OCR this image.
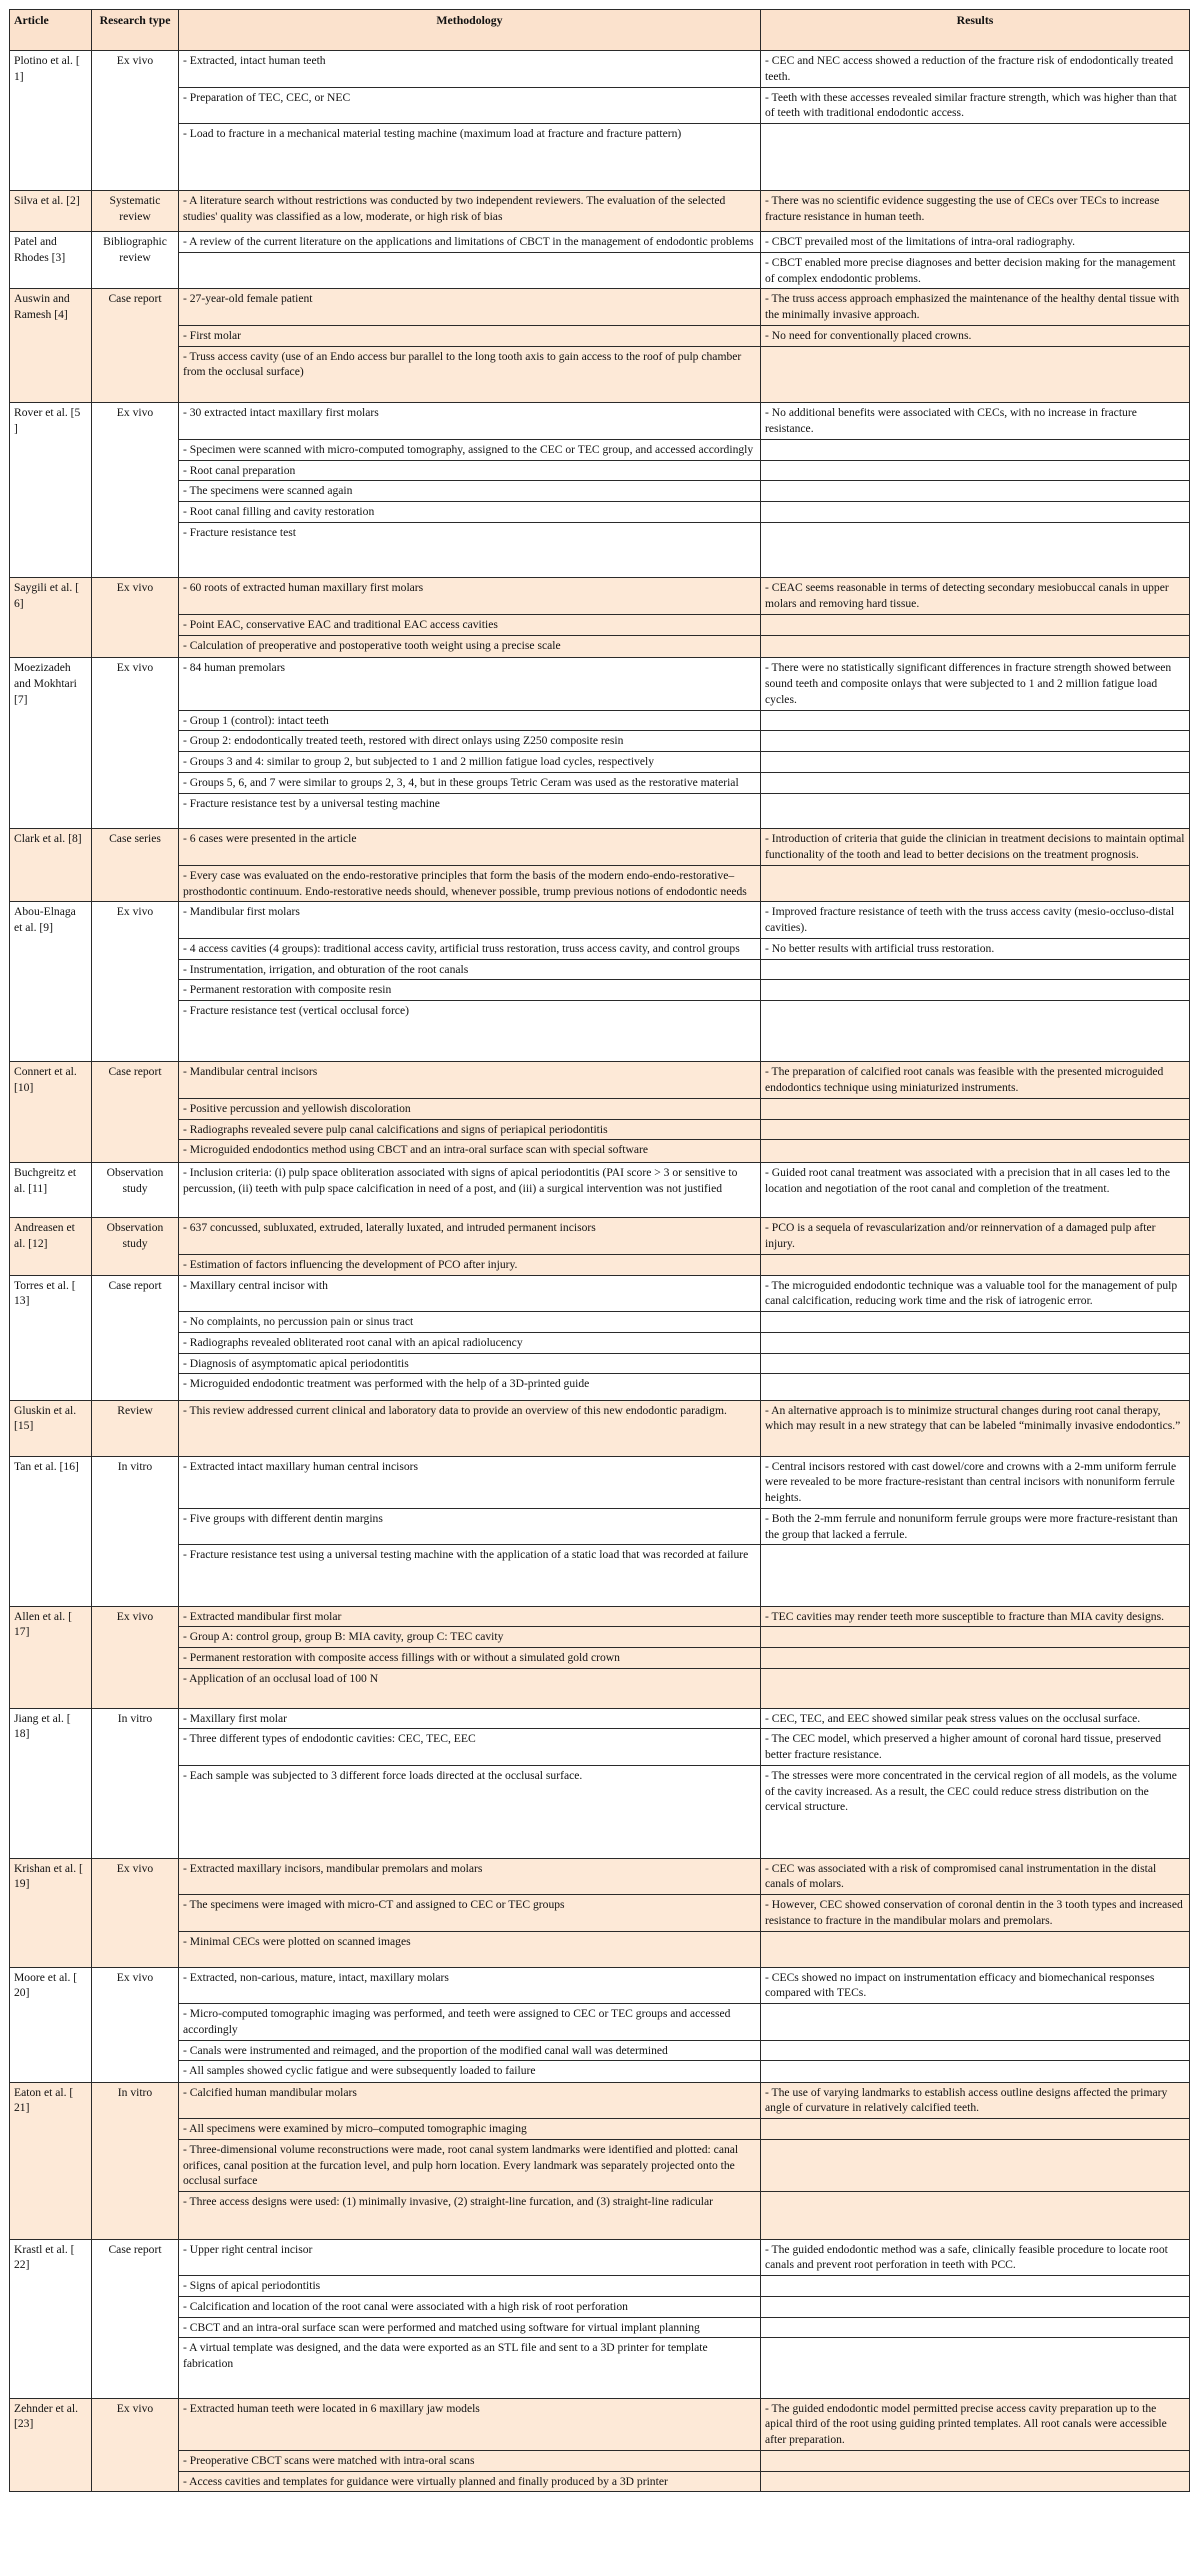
Article	Research type	Methodology	Results
Plotino et al. [ 1]	Ex vivo	- Extracted, intact human teeth	- CEC and NEC access showed a reduction of the fracture risk of endodontically treated teeth.
		- Preparation of TEC, CEC, or NEC	- Teeth with these accesses revealed similar fracture strength, which was higher than that of teeth with traditional endodontic access.
		- Load to fracture in a mechanical material testing machine (maximum load at fracture and fracture pattern)	
Silva et al. [2]	Systematic review	- A literature search without restrictions was conducted by two independent reviewers. The evaluation of the selected studies' quality was classified as a low, moderate, or high risk of bias	- There was no scientific evidence suggesting the use of CECs over TECs to increase fracture resistance in human teeth.
Patel and Rhodes [3]	Bibliographic review	- A review of the current literature on the applications and limitations of CBCT in the management of endodontic problems	- CBCT prevailed most of the limitations of intra-oral radiography.
			- CBCT enabled more precise diagnoses and better decision making for the management of complex endodontic problems.
Auswin and Ramesh [4]	Case report	- 27-year-old female patient	- The truss access approach emphasized the maintenance of the healthy dental tissue with the minimally invasive approach.
		- First molar	- No need for conventionally placed crowns.
		- Truss access cavity (use of an Endo access bur parallel to the long tooth axis to gain access to the roof of pulp chamber from the occlusal surface)	
Rover et al. [5 ]	Ex vivo	- 30 extracted intact maxillary first molars	- No additional benefits were associated with CECs, with no increase in fracture resistance.
		- Specimen were scanned with micro-computed tomography, assigned to the CEC or TEC group, and accessed accordingly	
		- Root canal preparation	
		- The specimens were scanned again	
		- Root canal filling and cavity restoration	
		- Fracture resistance test	
Saygili et al. [ 6]	Ex vivo	- 60 roots of extracted human maxillary first molars	- CEAC seems reasonable in terms of detecting secondary mesiobuccal canals in upper molars and removing hard tissue.
		- Point EAC, conservative EAC and traditional EAC access cavities	
		- Calculation of preoperative and postoperative tooth weight using a precise scale	
Moezizadeh and Mokhtari [7]	Ex vivo	- 84 human premolars	- There were no statistically significant differences in fracture strength showed between sound teeth and composite onlays that were subjected to 1 and 2 million fatigue load cycles.
		- Group 1 (control): intact teeth	
		- Group 2: endodontically treated teeth, restored with direct onlays using Z250 composite resin	
		- Groups 3 and 4: similar to group 2, but subjected to 1 and 2 million fatigue load cycles, respectively	
		- Groups 5, 6, and 7 were similar to groups 2, 3, 4, but in these groups Tetric Ceram was used as the restorative material	
		- Fracture resistance test by a universal testing machine	
Clark et al. [8]	Case series	- 6 cases were presented in the article	- Introduction of criteria that guide the clinician in treatment decisions to maintain optimal functionality of the tooth and lead to better decisions on the treatment prognosis.
		- Every case was evaluated on the endo-restorative principles that form the basis of the modern endo-endo-restorative–prosthodontic continuum. Endo-restorative needs should, whenever possible, trump previous notions of endodontic needs	
Abou-Elnaga et al. [9]	Ex vivo	- Mandibular first molars	- Improved fracture resistance of teeth with the truss access cavity (mesio-occluso-distal cavities).
		- 4 access cavities (4 groups): traditional access cavity, artificial truss restoration, truss access cavity, and control groups	- No better results with artificial truss restoration.
		- Instrumentation, irrigation, and obturation of the root canals	
		- Permanent restoration with composite resin	
		- Fracture resistance test (vertical occlusal force)	
Connert et al. [10]	Case report	- Mandibular central incisors	- The preparation of calcified root canals was feasible with the presented microguided endodontics technique using miniaturized instruments.
		- Positive percussion and yellowish discoloration	
		- Radiographs revealed severe pulp canal calcifications and signs of periapical periodontitis	
		- Microguided endodontics method using CBCT and an intra-oral surface scan with special software	
Buchgreitz et al. [11]	Observation study	- Inclusion criteria: (i) pulp space obliteration associated with signs of apical periodontitis (PAI score > 3 or sensitive to percussion, (ii) teeth with pulp space calcification in need of a post, and (iii) a surgical intervention was not justified	- Guided root canal treatment was associated with a precision that in all cases led to the location and negotiation of the root canal and completion of the treatment.
Andreasen et al. [12]	Observation study	- 637 concussed, subluxated, extruded, laterally luxated, and intruded permanent incisors	- PCO is a sequela of revascularization and/or reinnervation of a damaged pulp after injury.
		- Estimation of factors influencing the development of PCO after injury.	
Torres et al. [ 13]	Case report	- Maxillary central incisor with	- The microguided endodontic technique was a valuable tool for the management of pulp canal calcification, reducing work time and the risk of iatrogenic error.
		- No complaints, no percussion pain or sinus tract	
		- Radiographs revealed obliterated root canal with an apical radiolucency	
		- Diagnosis of asymptomatic apical periodontitis	
		- Microguided endodontic treatment was performed with the help of a 3D-printed guide	
Gluskin et al. [15]	Review	- This review addressed current clinical and laboratory data to provide an overview of this new endodontic paradigm.	- An alternative approach is to minimize structural changes during root canal therapy, which may result in a new strategy that can be labeled “minimally invasive endodontics.”
Tan et al. [16]	In vitro	- Extracted intact maxillary human central incisors	- Central incisors restored with cast dowel/core and crowns with a 2-mm uniform ferrule were revealed to be more fracture-resistant than central incisors with nonuniform ferrule heights.
		- Five groups with different dentin margins	- Both the 2-mm ferrule and nonuniform ferrule groups were more fracture-resistant than the group that lacked a ferrule.
		- Fracture resistance test using a universal testing machine with the application of a static load that was recorded at failure	
Allen et al. [ 17]	Ex vivo	- Extracted mandibular first molar	- TEC cavities may render teeth more susceptible to fracture than MIA cavity designs.
		- Group A: control group, group B: MIA cavity, group C: TEC cavity	
		- Permanent restoration with composite access fillings with or without a simulated gold crown	
		- Application of an occlusal load of 100 N	
Jiang et al. [ 18]	In vitro	- Maxillary first molar	- CEC, TEC, and EEC showed similar peak stress values on the occlusal surface.
		- Three different types of endodontic cavities: CEC, TEC, EEC	- The CEC model, which preserved a higher amount of coronal hard tissue, preserved better fracture resistance.
		- Each sample was subjected to 3 different force loads directed at the occlusal surface.	- The stresses were more concentrated in the cervical region of all models, as the volume of the cavity increased. As a result, the CEC could reduce stress distribution on the cervical structure.
Krishan et al. [ 19]	Ex vivo	- Extracted maxillary incisors, mandibular premolars and molars	- CEC was associated with a risk of compromised canal instrumentation in the distal canals of molars.
		- The specimens were imaged with micro-CT and assigned to CEC or TEC groups	- However, CEC showed conservation of coronal dentin in the 3 tooth types and increased resistance to fracture in the mandibular molars and premolars.
		- Minimal CECs were plotted on scanned images	
Moore et al. [ 20]	Ex vivo	- Extracted, non-carious, mature, intact, maxillary molars	- CECs showed no impact on instrumentation efficacy and biomechanical responses compared with TECs.
		- Micro-computed tomographic imaging was performed, and teeth were assigned to CEC or TEC groups and accessed accordingly	
		- Canals were instrumented and reimaged, and the proportion of the modified canal wall was determined	
		- All samples showed cyclic fatigue and were subsequently loaded to failure	
Eaton et al. [ 21]	In vitro	- Calcified human mandibular molars	- The use of varying landmarks to establish access outline designs affected the primary angle of curvature in relatively calcified teeth.
		- All specimens were examined by micro–computed tomographic imaging	
		- Three-dimensional volume reconstructions were made, root canal system landmarks were identified and plotted: canal orifices, canal position at the furcation level, and pulp horn location. Every landmark was separately projected onto the occlusal surface	
		- Three access designs were used: (1) minimally invasive, (2) straight-line furcation, and (3) straight-line radicular	
Krastl et al. [ 22]	Case report	- Upper right central incisor	- The guided endodontic method was a safe, clinically feasible procedure to locate root canals and prevent root perforation in teeth with PCC.
		- Signs of apical periodontitis	
		- Calcification and location of the root canal were associated with a high risk of root perforation	
		- CBCT and an intra-oral surface scan were performed and matched using software for virtual implant planning	
		- A virtual template was designed, and the data were exported as an STL file and sent to a 3D printer for template fabrication	
Zehnder et al. [23]	Ex vivo	- Extracted human teeth were located in 6 maxillary jaw models	- The guided endodontic model permitted precise access cavity preparation up to the apical third of the root using guiding printed templates. All root canals were accessible after preparation.
		- Preoperative CBCT scans were matched with intra-oral scans	
		- Access cavities and templates for guidance were virtually planned and finally produced by a 3D printer	
